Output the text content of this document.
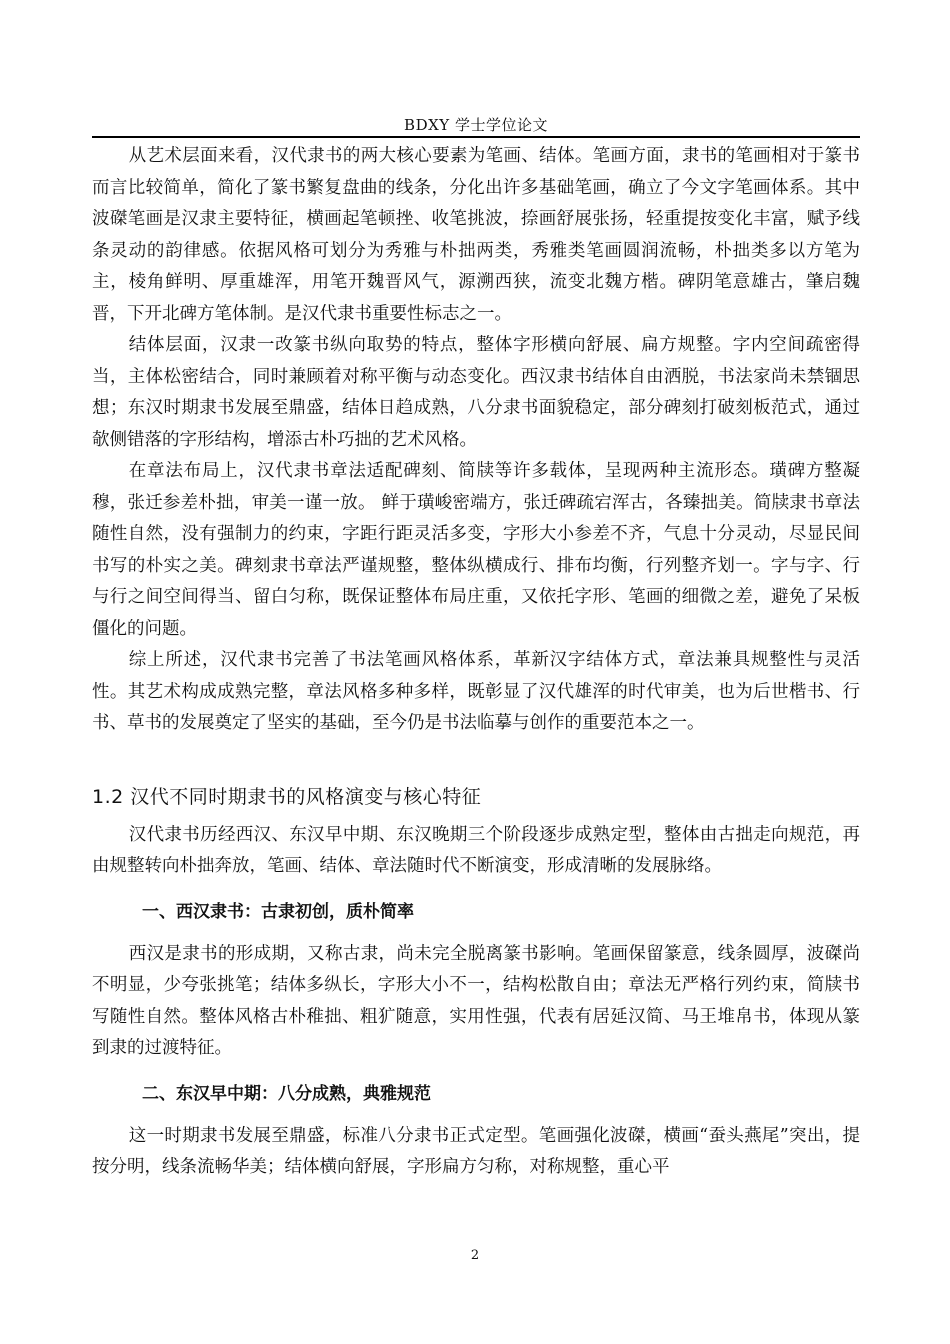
BDXY 学士学位论文

从艺术层面来看，汉代隶书的两大核心要素为笔画、结体。笔画方面，隶书的笔画相对于篆书而言比较简单，简化了篆书繁复盘曲的线条，分化出许多基础笔画，确立了今文字笔画体系。其中波磔笔画是汉隶主要特征，横画起笔顿挫、收笔挑波，捺画舒展张扬，轻重提按变化丰富，赋予线条灵动的韵律感。依据风格可划分为秀雅与朴拙两类，秀雅类笔画圆润流畅，朴拙类多以方笔为主，棱角鲜明、厚重雄浑，用笔开魏晋风气，源溯西狭，流变北魏方楷。碑阴笔意雄古，肇启魏晋，下开北碑方笔体制。是汉代隶书重要性标志之一。

结体层面，汉隶一改篆书纵向取势的特点，整体字形横向舒展、扁方规整。字内空间疏密得当，主体松密结合，同时兼顾着对称平衡与动态变化。西汉隶书结体自由洒脱，书法家尚未禁锢思想；东汉时期隶书发展至鼎盛，结体日趋成熟，八分隶书面貌稳定，部分碑刻打破刻板范式，通过欹侧错落的字形结构，增添古朴巧拙的艺术风格。

在章法布局上，汉代隶书章法适配碑刻、简牍等许多载体，呈现两种主流形态。璜碑方整凝穆，张迁参差朴拙，审美一谨一放。 鲜于璜峻密端方，张迁碑疏宕浑古，各臻拙美。简牍隶书章法随性自然，没有强制力的约束，字距行距灵活多变，字形大小参差不齐，气息十分灵动，尽显民间书写的朴实之美。碑刻隶书章法严谨规整，整体纵横成行、排布均衡，行列整齐划一。字与字、行与行之间空间得当、留白匀称，既保证整体布局庄重，又依托字形、笔画的细微之差，避免了呆板僵化的问题。

综上所述，汉代隶书完善了书法笔画风格体系，革新汉字结体方式，章法兼具规整性与灵活性。其艺术构成成熟完整，章法风格多种多样，既彰显了汉代雄浑的时代审美，也为后世楷书、行书、草书的发展奠定了坚实的基础，至今仍是书法临摹与创作的重要范本之一。

1.2 汉代不同时期隶书的风格演变与核心特征

汉代隶书历经西汉、东汉早中期、东汉晚期三个阶段逐步成熟定型，整体由古拙走向规范，再由规整转向朴拙奔放，笔画、结体、章法随时代不断演变，形成清晰的发展脉络。

一、西汉隶书：古隶初创，质朴简率

西汉是隶书的形成期，又称古隶，尚未完全脱离篆书影响。笔画保留篆意，线条圆厚，波磔尚不明显，少夸张挑笔；结体多纵长，字形大小不一，结构松散自由；章法无严格行列约束，简牍书写随性自然。整体风格古朴稚拙、粗犷随意，实用性强，代表有居延汉简、马王堆帛书，体现从篆到隶的过渡特征。

二、东汉早中期：八分成熟，典雅规范

这一时期隶书发展至鼎盛，标准八分隶书正式定型。笔画强化波磔，横画“蚕头燕尾”突出，提按分明，线条流畅华美；结体横向舒展，字形扁方匀称，对称规整，重心平

2
